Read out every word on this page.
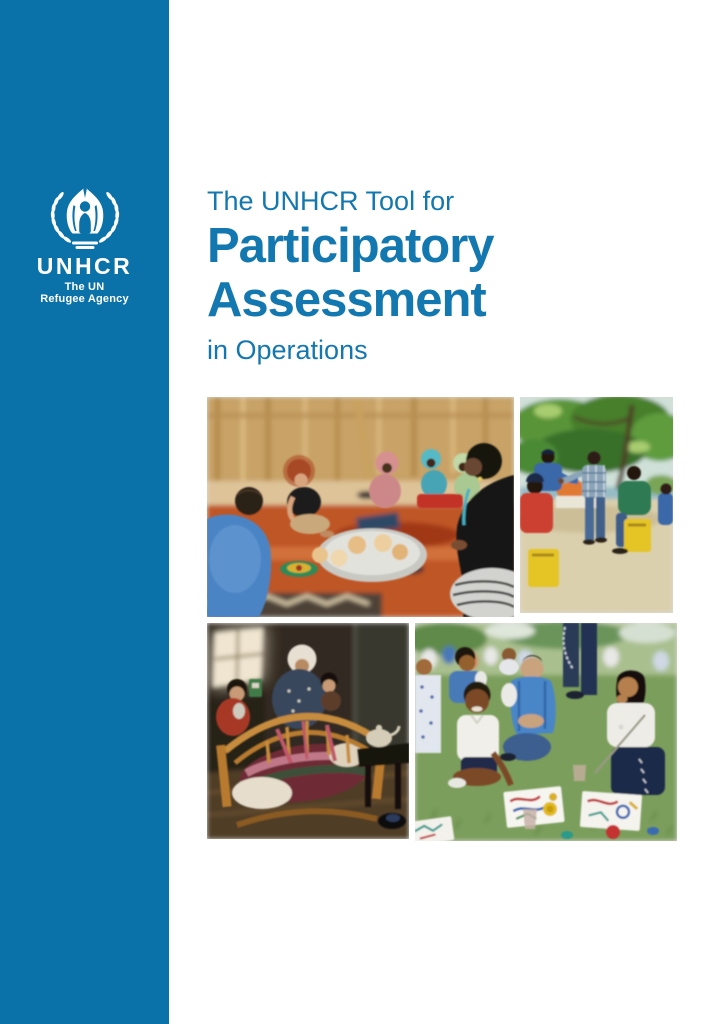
UNHCR
The UN
Refugee Agency

The UNHCR Tool for

Participatory
Assessment

in Operations
